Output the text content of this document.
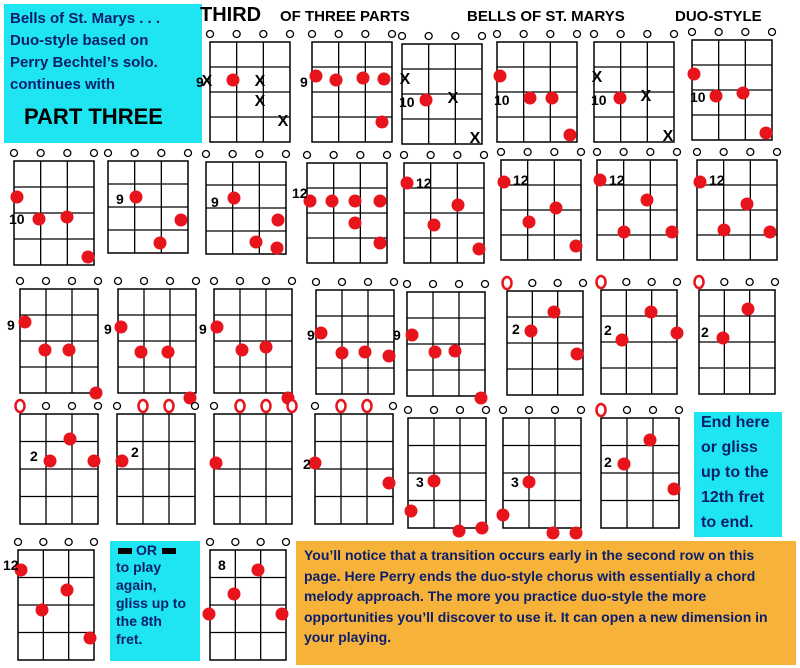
Bells of St. Marys . . .
Duo-style based on
Perry Bechtel’s solo.
continues with
PART THREE
THIRD OF THREE PARTS	BELLS OF ST. MARYS	DUO-STYLE
X	X
X
X
9	9	X
X
X
10	10
X
X
X
10	10
10
9	9
12
12	12	12	12
9	9	9	9	9	2	2	2
2	2
2
3	3
2
12	8
End here
or gliss
up to the
12th fret
to end.
OR
to play
again,
gliss up to
the 8th
fret.
You’ll notice that a transition occurs early in the second row on this page. Here Perry ends the duo-style chorus with essentially a chord melody approach. The more you practice duo-style the more opportunities you’ll discover to use it. It can open a new dimension in your playing.
